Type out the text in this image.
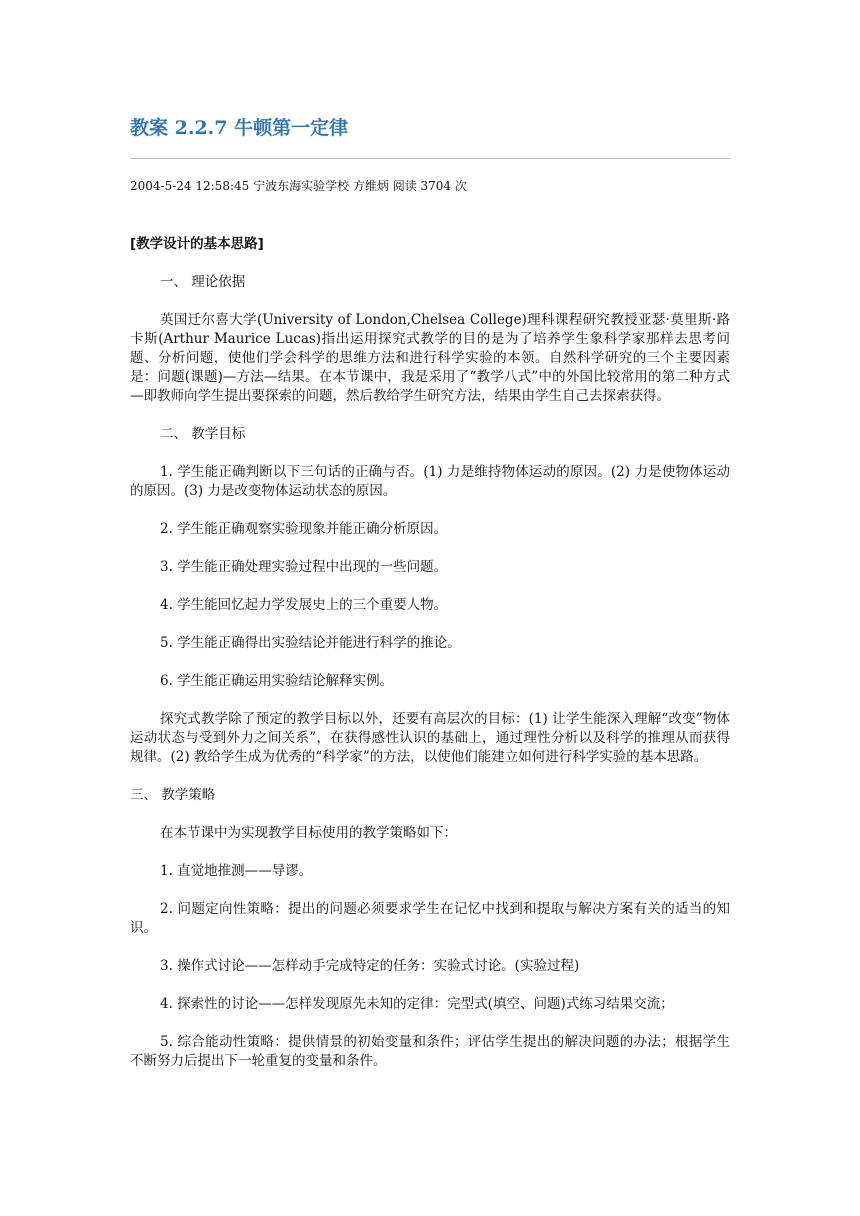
教案 2.2.7 牛顿第一定律
2004-5-24 12:58:45 宁波东海实验学校 方维炳 阅读 3704 次

[教学设计的基本思路]

一、 理论依据

英国迁尔喜大学(University of London,Chelsea College)理科课程研究教授亚瑟·莫里斯·路卡斯(Arthur Maurice Lucas)指出运用探究式教学的目的是为了培养学生象科学家那样去思考问题、分析问题，使他们学会科学的思维方法和进行科学实验的本领。自然科学研究的三个主要因素是：问题(课题)—方法—结果。在本节课中，我是采用了“教学八式”中的外国比较常用的第二种方式—即教师向学生提出要探索的问题，然后教给学生研究方法，结果由学生自己去探索获得。

二、 教学目标

1. 学生能正确判断以下三句话的正确与否。(1) 力是维持物体运动的原因。(2) 力是使物体运动的原因。(3) 力是改变物体运动状态的原因。

2. 学生能正确观察实验现象并能正确分析原因。

3. 学生能正确处理实验过程中出现的一些问题。

4. 学生能回忆起力学发展史上的三个重要人物。

5. 学生能正确得出实验结论并能进行科学的推论。

6. 学生能正确运用实验结论解释实例。

探究式教学除了预定的教学目标以外，还要有高层次的目标：(1) 让学生能深入理解“改变”物体运动状态与受到外力之间关系”，在获得感性认识的基础上，通过理性分析以及科学的推理从而获得规律。(2) 教给学生成为优秀的“科学家”的方法，以使他们能建立如何进行科学实验的基本思路。

三、 教学策略

在本节课中为实现教学目标使用的教学策略如下：

1. 直觉地推测——导谬。

2. 问题定向性策略：提出的问题必须要求学生在记忆中找到和提取与解决方案有关的适当的知识。

3. 操作式讨论——怎样动手完成特定的任务：实验式讨论。(实验过程)

4. 探索性的讨论——怎样发现原先未知的定律：完型式(填空、问题)式练习结果交流；

5. 综合能动性策略：提供情景的初始变量和条件；评估学生提出的解决问题的办法；根据学生不断努力后提出下一轮重复的变量和条件。
